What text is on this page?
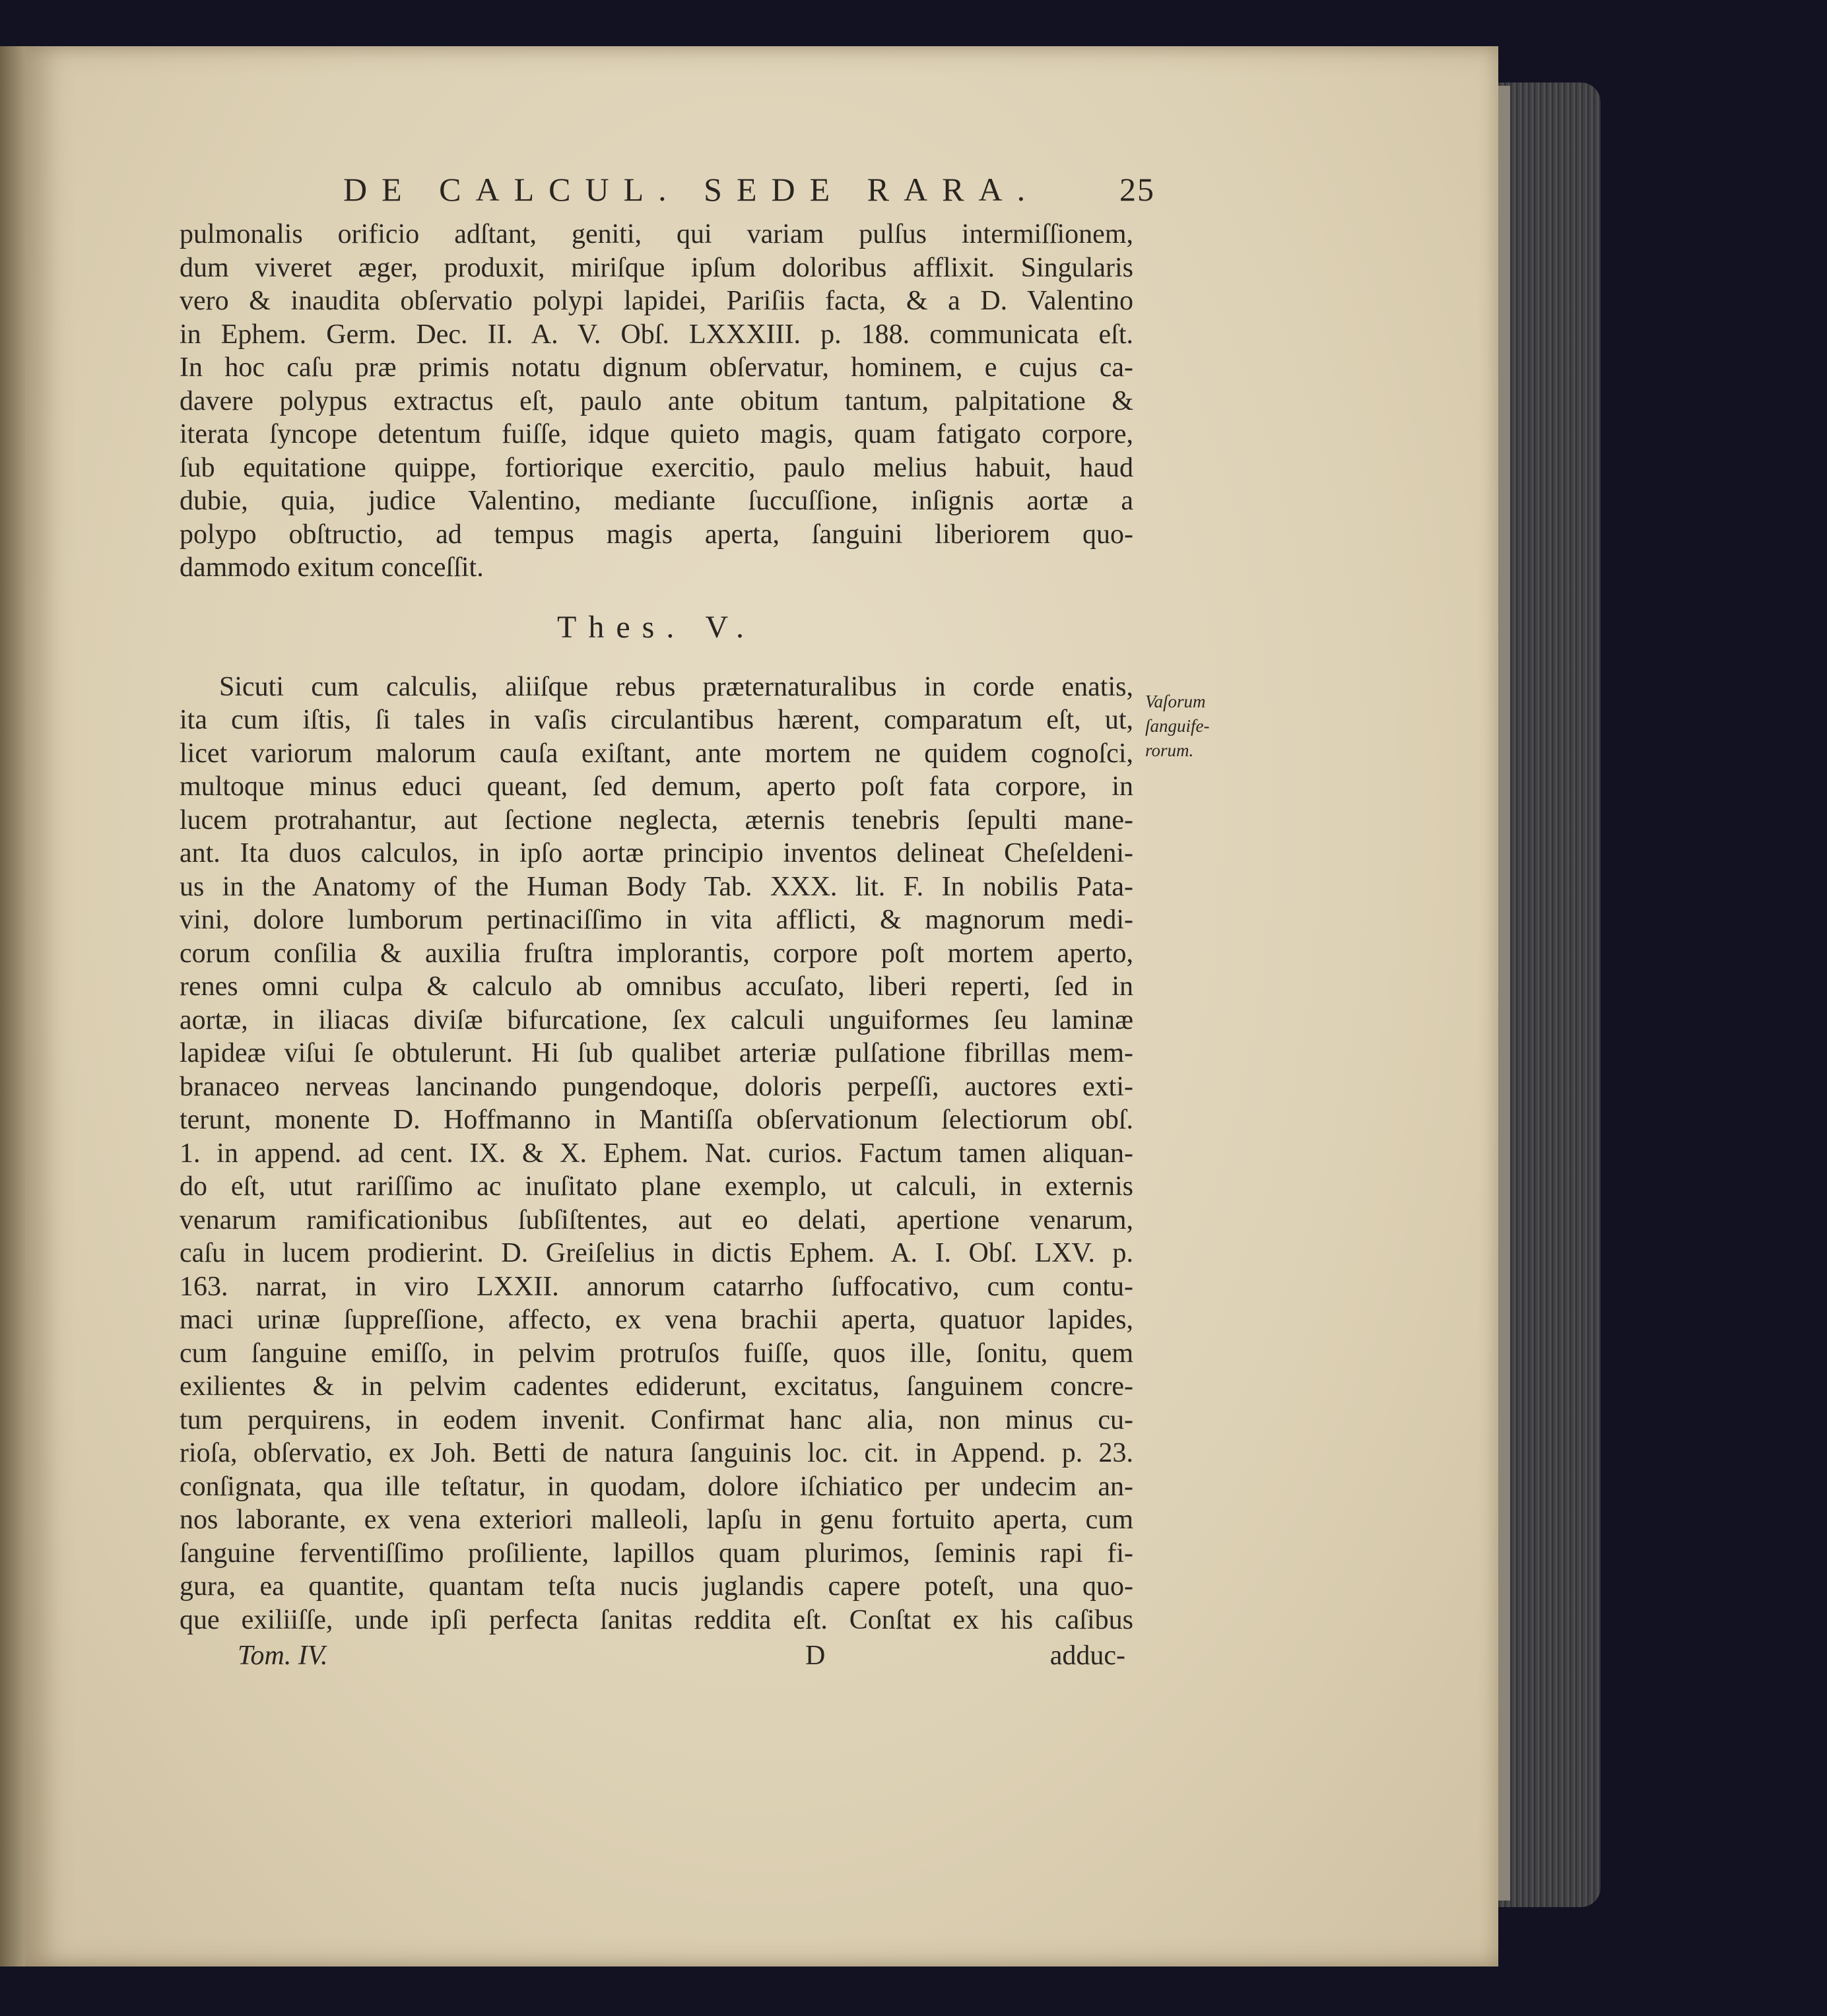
DE CALCUL. SEDE RARA. 25
pulmonalis orificio adſtant, geniti, qui variam pulſus intermiſſionem,
dum viveret æger, produxit, miriſque ipſum doloribus afflixit. Singularis
vero & inaudita obſervatio polypi lapidei, Pariſiis facta, & a D. Valentino
in Ephem. Germ. Dec. II. A. V. Obſ. LXXXIII. p. 188. communicata eſt.
In hoc caſu præ primis notatu dignum obſervatur, hominem, e cujus ca-
davere polypus extractus eſt, paulo ante obitum tantum, palpitatione &
iterata ſyncope detentum fuiſſe, idque quieto magis, quam fatigato corpore,
ſub equitatione quippe, fortiorique exercitio, paulo melius habuit, haud
dubie, quia, judice Valentino, mediante ſuccuſſione, inſignis aortæ a
polypo obſtructio, ad tempus magis aperta, ſanguini liberiorem quo-
dammodo exitum conceſſit.
Thes. V.
Sicuti cum calculis, aliiſque rebus præternaturalibus in corde enatis,
ita cum iſtis, ſi tales in vaſis circulantibus hærent, comparatum eſt, ut,
licet variorum malorum cauſa exiſtant, ante mortem ne quidem cognoſci,
multoque minus educi queant, ſed demum, aperto poſt fata corpore, in
lucem protrahantur, aut ſectione neglecta, æternis tenebris ſepulti mane-
ant. Ita duos calculos, in ipſo aortæ principio inventos delineat Cheſeldeni-
us in the Anatomy of the Human Body Tab. XXX. lit. F. In nobilis Pata-
vini, dolore lumborum pertinaciſſimo in vita afflicti, & magnorum medi-
corum conſilia & auxilia fruſtra implorantis, corpore poſt mortem aperto,
renes omni culpa & calculo ab omnibus accuſato, liberi reperti, ſed in
aortæ, in iliacas diviſæ bifurcatione, ſex calculi unguiformes ſeu laminæ
lapideæ viſui ſe obtulerunt. Hi ſub qualibet arteriæ pulſatione fibrillas mem-
branaceo nerveas lancinando pungendoque, doloris perpeſſi, auctores exti-
terunt, monente D. Hoffmanno in Mantiſſa obſervationum ſelectiorum obſ.
1. in append. ad cent. IX. & X. Ephem. Nat. curios. Factum tamen aliquan-
do eſt, utut rariſſimo ac inuſitato plane exemplo, ut calculi, in externis
venarum ramificationibus ſubſiſtentes, aut eo delati, apertione venarum,
caſu in lucem prodierint. D. Greiſelius in dictis Ephem. A. I. Obſ. LXV. p.
163. narrat, in viro LXXII. annorum catarrho ſuffocativo, cum contu-
maci urinæ ſuppreſſione, affecto, ex vena brachii aperta, quatuor lapides,
cum ſanguine emiſſo, in pelvim protruſos fuiſſe, quos ille, ſonitu, quem
exilientes & in pelvim cadentes ediderunt, excitatus, ſanguinem concre-
tum perquirens, in eodem invenit. Confirmat hanc alia, non minus cu-
rioſa, obſervatio, ex Joh. Betti de natura ſanguinis loc. cit. in Append. p. 23.
conſignata, qua ille teſtatur, in quodam, dolore iſchiatico per undecim an-
nos laborante, ex vena exteriori malleoli, lapſu in genu fortuito aperta, cum
ſanguine ferventiſſimo proſiliente, lapillos quam plurimos, ſeminis rapi fi-
gura, ea quantite, quantam teſta nucis juglandis capere poteſt, una quo-
que exiliiſſe, unde ipſi perfecta ſanitas reddita eſt. Conſtat ex his caſibus
Vaſorum
ſanguife-
rorum.
Tom. IV.	D	adduc-
